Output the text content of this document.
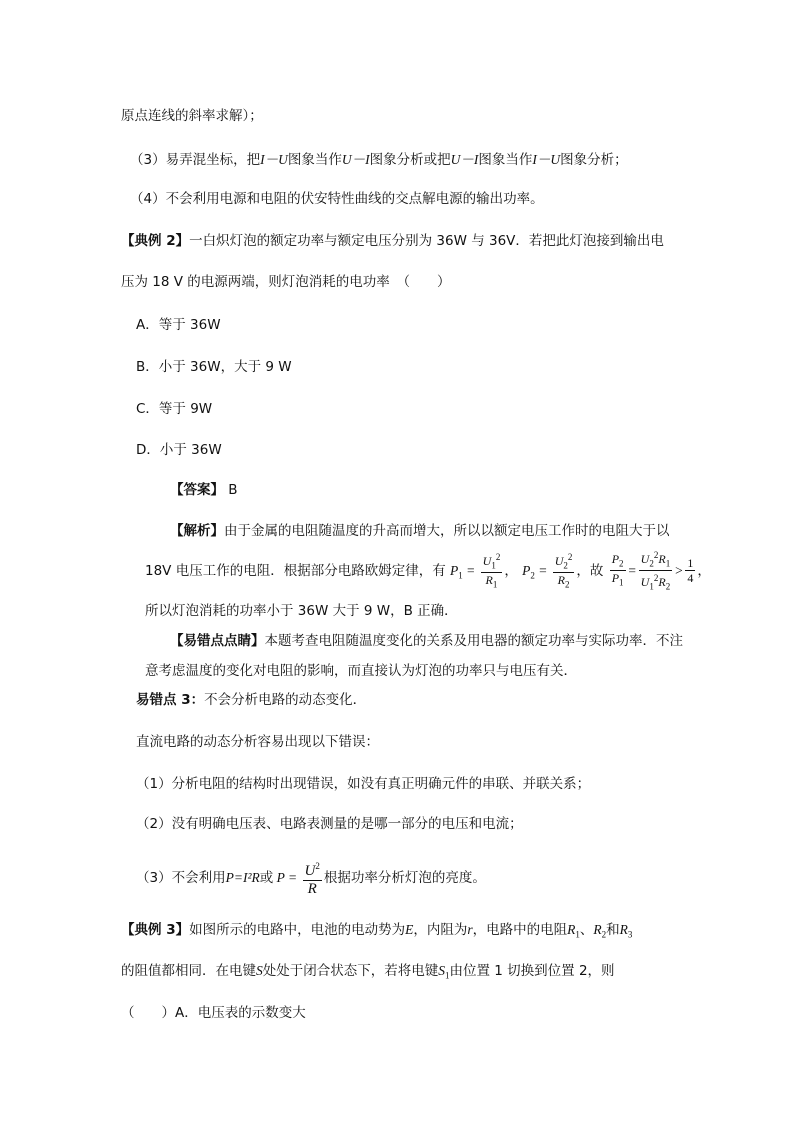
原点连线的斜率求解）；
（3）易弄混坐标，把I－U图象当作U－I图象分析或把U－I图象当作I－U图象分析；
（4）不会利用电源和电阻的伏安特性曲线的交点解电源的输出功率。
【典例 2】一白炽灯泡的额定功率与额定电压分别为 36W 与 36V．若把此灯泡接到输出电
压为 18 V 的电源两端，则灯泡消耗的电功率　（　　）
A．等于 36W
B．小于 36W，大于 9 W
C．等于 9W
D．小于 36W
【答案】 B
【解析】由于金属的电阻随温度的升高而增大，所以以额定电压工作时的电阻大于以
18V 电压工作的电阻．根据部分电路欧姆定律，有 $P_1 = \frac{U_1^2}{R_1}$ ， $P_2 = \frac{U_2^2}{R_2}$ ，故 $\frac{P_2}{P_1} = \frac{U_2^2R_1}{U_1^2R_2} > \frac{1}{4}$ ，
所以灯泡消耗的功率小于 36W 大于 9 W，B 正确．
【易错点点睛】本题考查电阻随温度变化的关系及用电器的额定功率与实际功率．不注
意考虑温度的变化对电阻的影响，而直接认为灯泡的功率只与电压有关．
易错点 3：不会分析电路的动态变化．
直流电路的动态分析容易出现以下错误：
（1）分析电阻的结构时出现错误，如没有真正明确元件的串联、并联关系；
（2）没有明确电压表、电路表测量的是哪一部分的电压和电流；
（3）不会利用P=I²R或 $P = \frac{U^2}{R}$ 根据功率分析灯泡的亮度。
【典例 3】如图所示的电路中，电池的电动势为E，内阻为r，电路中的电阻$R_1$、$R_2$和$R_3$
的阻值都相同．在电键S处处于闭合状态下，若将电键$S_1$由位置 1 切换到位置 2，则
（　　）A．电压表的示数变大
